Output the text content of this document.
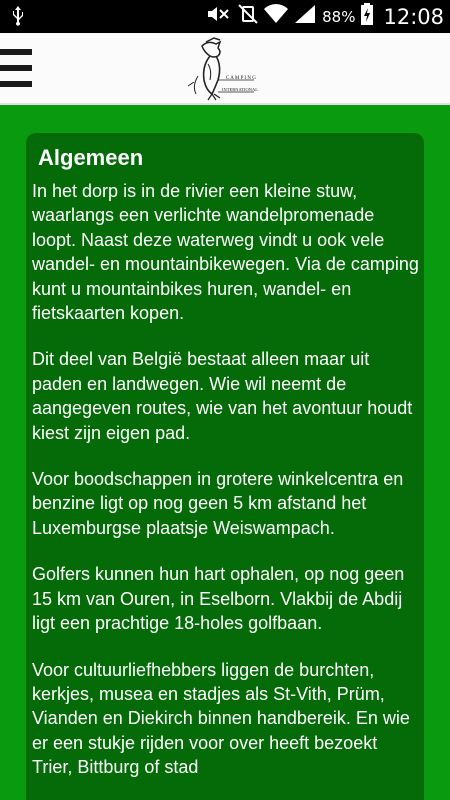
88% 12:08
C A M P I N G
INTERNATIONAL
Algemeen

In het dorp is in de rivier een kleine stuw, waarlangs een verlichte wandelpromenade loopt. Naast deze waterweg vindt u ook vele wandel- en mountainbikewegen. Via de camping kunt u mountainbikes huren, wandel- en fietskaarten kopen.

Dit deel van België bestaat alleen maar uit paden en landwegen. Wie wil neemt de aangegeven routes, wie van het avontuur houdt kiest zijn eigen pad.

Voor boodschappen in grotere winkelcentra en benzine ligt op nog geen 5 km afstand het Luxemburgse plaatsje Weiswampach.

Golfers kunnen hun hart ophalen, op nog geen 15 km van Ouren, in Eselborn. Vlakbij de Abdij ligt een prachtige 18-holes golfbaan.

Voor cultuurliefhebbers liggen de burchten, kerkjes, musea en stadjes als St-Vith, Prüm, Vianden en Diekirch binnen handbereik. En wie er een stukje rijden voor over heeft bezoekt Trier, Bittburg of stad
